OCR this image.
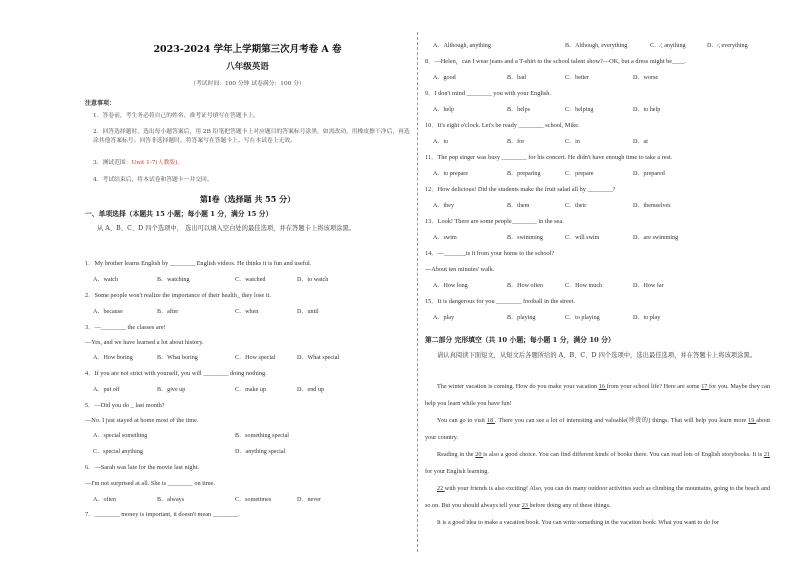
2023-2024 学年上学期第三次月考卷 A 卷
八年级英语
（考试时间：100 分钟 试卷满分：100 分）
注意事项：
1．答卷前，考生务必将自己的姓名、准考证号填写在答题卡上。
2．回答选择题时，选出每小题答案后，用 2B 铅笔把答题卡上对应题目的答案标号涂黑，如需改动，用橡皮擦干净后，再选涂其他答案标号。回答非选择题时，将答案写在答题卡上。写在本试卷上无效。
3．测试范围：Unit 1-7(人教版)。
4．考试结束后，将本试卷和答题卡一并交回。
第Ⅰ卷（选择题 共 55 分）
一、单项选择（本题共 15 小题；每小题 1 分，满分 15 分）
从 A、B、C、D 四个选项中， 选出可以填入空白处的最佳选项，并在答题卡上将该项涂黑。
1．My brother learns English by ________ English videos. He thinks it is fun and useful.
A．watch	B．watching	C．watched	D．to watch
2．Some people won't realize the importance of their health_ they lose it.
A．because	B．after	C．when	D．until
3．—________ the classes are!
—Yes, and we have learned a lot about history.
A．How boring	B．What boring	C．How special	D．What special
4．If you are not strict with yourself, you will ________ doing nothing.
A．put off	B．give up	C．make up	D．end up
5．—Did you do _ last month?
—No. I just stayed at home most of the time.
A．special something	B．something special
C．special anything	D．anything special
6．—Sarah was late for the movie last night.
—I'm not surprised at all. She is ________ on time.
A．often	B．always	C．sometimes	D．never
7．________ money is important, it doesn't mean ________.
A．Although, anything	B．Although, everything	C．∕, anything	D．∕, everything
8．—Helen，can I wear jeans and a T-shirt to the school talent show?—OK, but a dress might be____.
A．good	B．bad	C．better	D．worse
9．I don't mind ________ you with your English.
A．help	B．helps	C．helping	D．to help
10．It's eight o'clock. Let's be ready ________ school, Mike.
A．to	B．for	C．in	D．at
11．The pop singer was busy ________ for his concert. He didn't have enough time to take a rest.
A．to prepare	B．preparing	C．prepare	D．prepared
12．How delicious! Did the students make the fruit salad all by ________?
A．they	B．them	C．their	D．themselves
13．Look! There are some people________ in the sea.
A．swim	B．swimming	C．will swim	D．are swimming
14．—_______is it from your home to the school?
—About ten minutes' walk.
A．How long	B．How often	C．How much	D．How far
15．It is dangerous for you ________ football in the street.
A．play	B．playing	C．to playing	D．to play
第二部分 完形填空（共 10 小题；每小题 1 分，满分 10 分）
请认真阅读下面短文，从短文后各题所给的 A、B、C、D 四个选项中，选出最佳选项，并在答题卡上将该项涂黑。
The winter vacation is coming. How do you make your vacation 16 from your school life? Here are some 17 for you. Maybe they can help you learn while you have fun!
You can go to visit 18 . There you can see a lot of interesting and valuable(珍贵的) things. That will help you learn more 19 about your country.
Reading in the 20 is also a good choice. You can find different kinds of books there. You can read lots of English storybooks. It is 21 for your English learning.
22 with your friends is also exciting! Also, you can do many outdoor activities such as climbing the mountains, going to the beach and so on. But you should always tell your 23 before doing any of these things.
It is a good idea to make a vacation book. You can write something in the vacation book: What you want to do for
